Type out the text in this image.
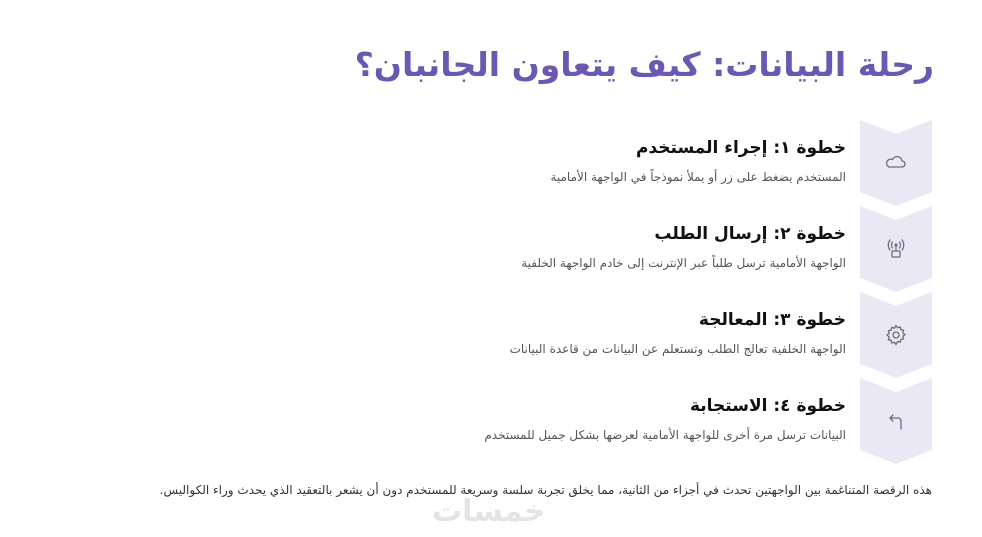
رحلة البيانات: كيف يتعاون الجانبان؟
خطوة ١: إجراء المستخدم
المستخدم يضغط على زر أو يملأ نموذجاً في الواجهة الأمامية
خطوة ٢: إرسال الطلب
الواجهة الأمامية ترسل طلباً عبر الإنترنت إلى خادم الواجهة الخلفية
خطوة ٣: المعالجة
الواجهة الخلفية تعالج الطلب وتستعلم عن البيانات من قاعدة البيانات
خطوة ٤: الاستجابة
البيانات ترسل مرة أخرى للواجهة الأمامية لعرضها بشكل جميل للمستخدم
هذه الرقصة المتناغمة بين الواجهتين تحدث في أجزاء من الثانية، مما يخلق تجربة سلسة وسريعة للمستخدم دون أن يشعر بالتعقيد الذي يحدث وراء الكواليس.
خمسات
